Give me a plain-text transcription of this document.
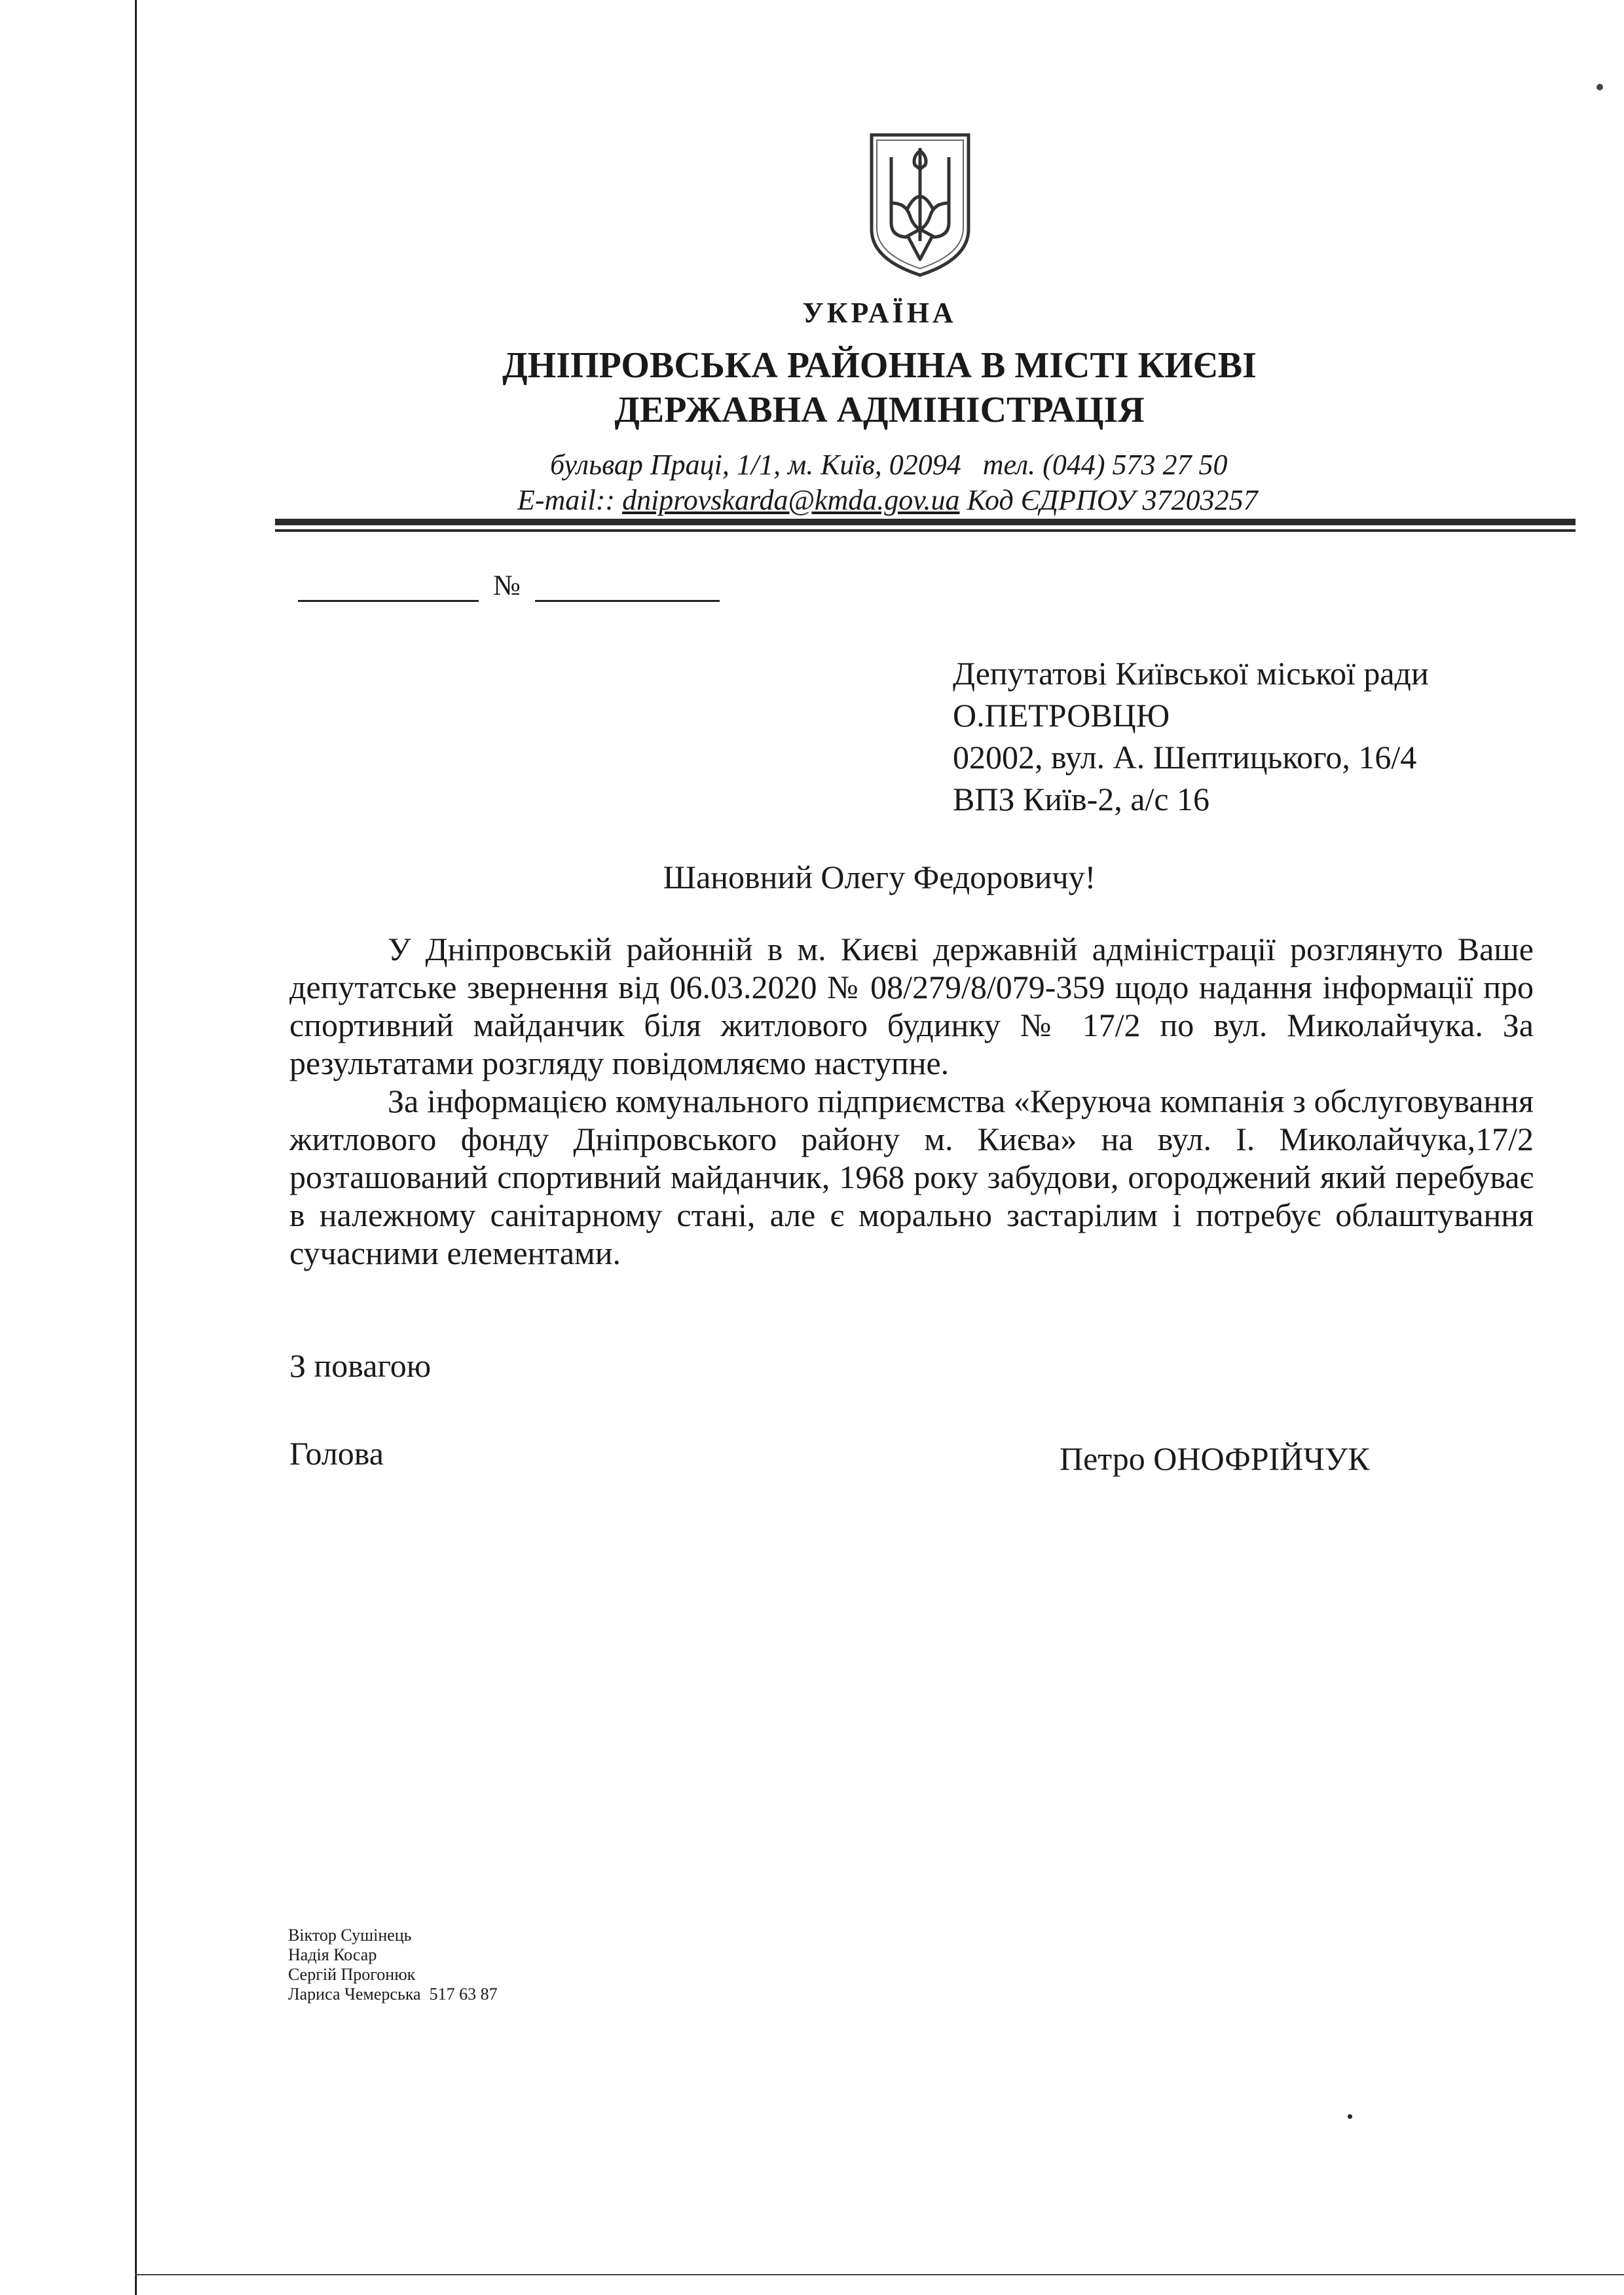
УКРАЇНА
ДНІПРОВСЬКА РАЙОННА В МІСТІ КИЄВІ
ДЕРЖАВНА АДМІНІСТРАЦІЯ
бульвар Праці, 1/1, м. Київ, 02094 тел. (044) 573 27 50
E-mail:: dniprovskarda@kmda.gov.ua Код ЄДРПОУ 37203257
№
Депутатові Київської міської ради
О.ПЕТРОВЦЮ
02002, вул. А. Шептицького, 16/4
ВПЗ Київ-2, а/с 16
Шановний Олегу Федоровичу!

У Дніпровській районній в м. Києві державній адміністрації розглянуто Ваше депутатське звернення від 06.03.2020 № 08/279/8/079-359 щодо надання інформації про спортивний майданчик біля житлового будинку № 17/2 по вул. Миколайчука. За результатами розгляду повідомляємо наступне.

За інформацією комунального підприємства «Керуюча компанія з обслуговування житлового фонду Дніпровського району м. Києва» на вул. І. Миколайчука,17/2 розташований спортивний майданчик, 1968 року забудови, огороджений який перебуває в належному санітарному стані, але є морально застарілим і потребує облаштування сучасними елементами.

З повагою
Голова	Петро ОНОФРІЙЧУК
Віктор Сушінець
Надія Косар
Сергій Прогонюк
Лариса Чемерська  517 63 87
